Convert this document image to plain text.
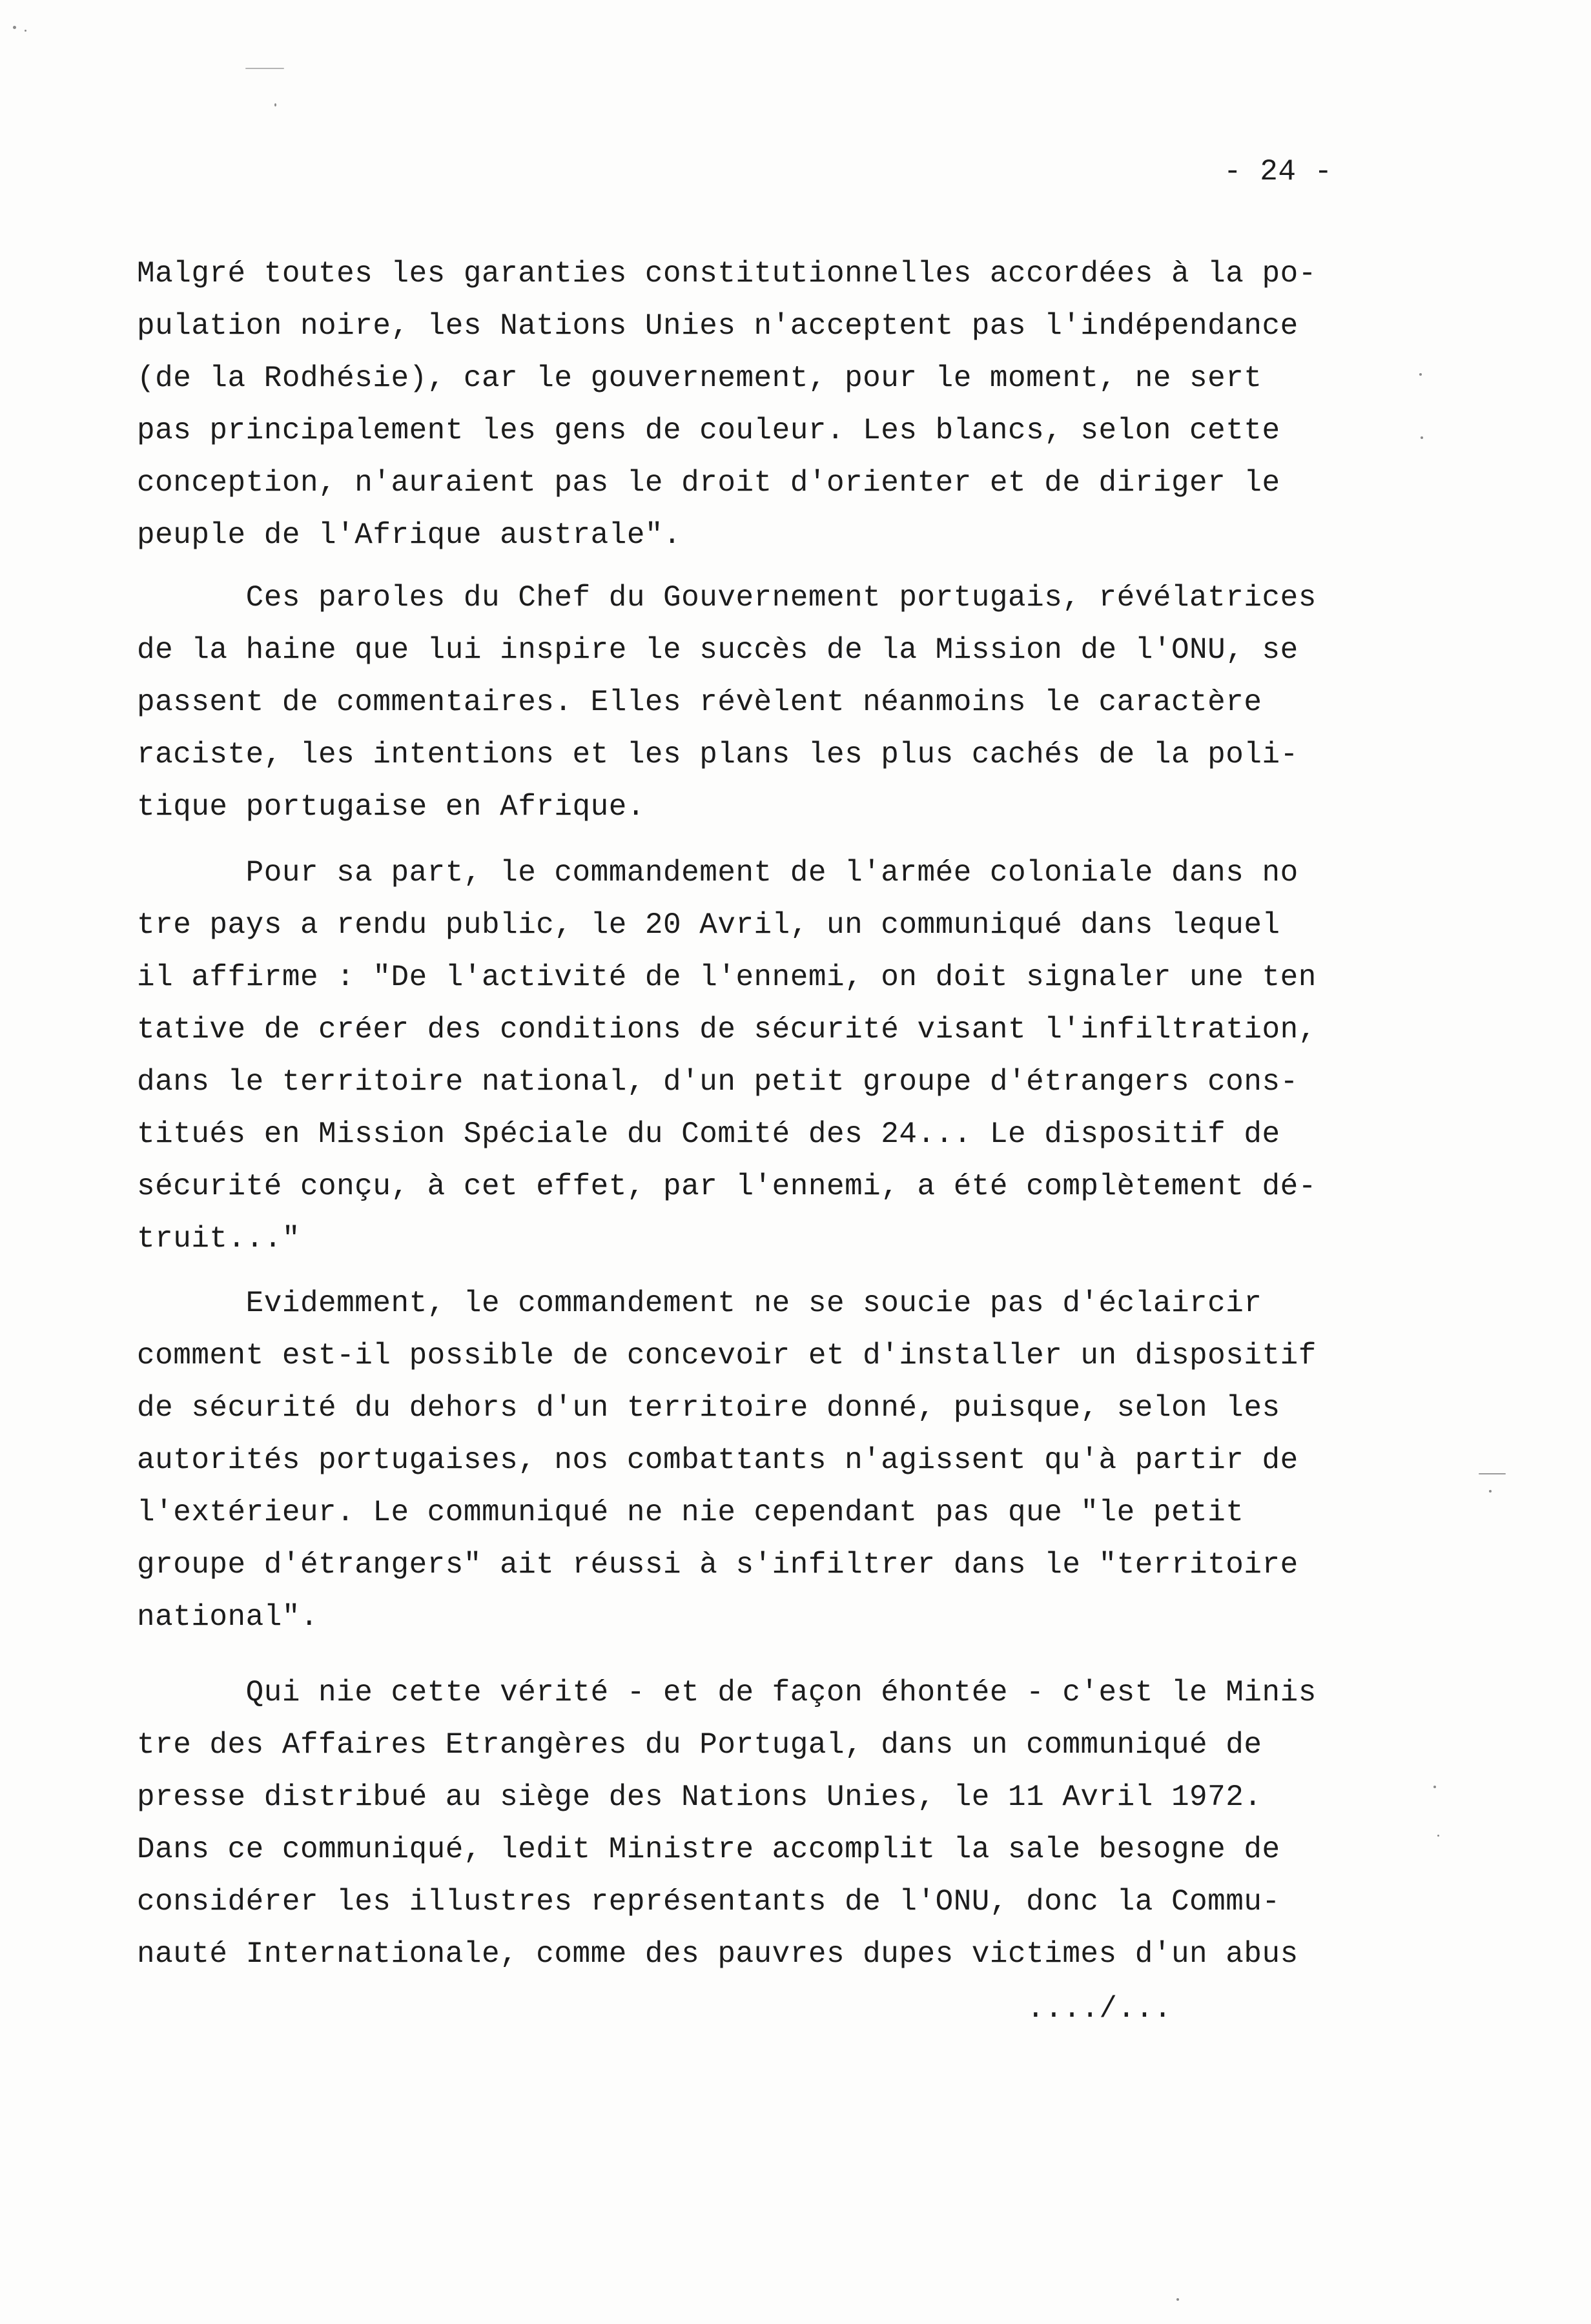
- 24 -
Malgré toutes les garanties constitutionnelles accordées à la po-
pulation noire, les Nations Unies n'acceptent pas l'indépendance
(de la Rodhésie), car le gouvernement, pour le moment, ne sert
pas principalement les gens de couleur. Les blancs, selon cette
conception, n'auraient pas le droit d'orienter et de diriger le
peuple de l'Afrique australe".
Ces paroles du Chef du Gouvernement portugais, révélatrices
de la haine que lui inspire le succès de la Mission de l'ONU, se
passent de commentaires. Elles révèlent néanmoins le caractère
raciste, les intentions et les plans les plus cachés de la poli-
tique portugaise en Afrique.
Pour sa part, le commandement de l'armée coloniale dans no
tre pays a rendu public, le 20 Avril, un communiqué dans lequel
il affirme : "De l'activité de l'ennemi, on doit signaler une ten
tative de créer des conditions de sécurité visant l'infiltration,
dans le territoire national, d'un petit groupe d'étrangers cons-
titués en Mission Spéciale du Comité des 24... Le dispositif de
sécurité conçu, à cet effet, par l'ennemi, a été complètement dé-
truit..."
Evidemment, le commandement ne se soucie pas d'éclaircir
comment est-il possible de concevoir et d'installer un dispositif
de sécurité du dehors d'un territoire donné, puisque, selon les
autorités portugaises, nos combattants n'agissent qu'à partir de
l'extérieur. Le communiqué ne nie cependant pas que "le petit
groupe d'étrangers" ait réussi à s'infiltrer dans le "territoire
national".
Qui nie cette vérité - et de façon éhontée - c'est le Minis
tre des Affaires Etrangères du Portugal, dans un communiqué de
presse distribué au siège des Nations Unies, le 11 Avril 1972.
Dans ce communiqué, ledit Ministre accomplit la sale besogne de
considérer les illustres représentants de l'ONU, donc la Commu-
nauté Internationale, comme des pauvres dupes victimes d'un abus
..../...
